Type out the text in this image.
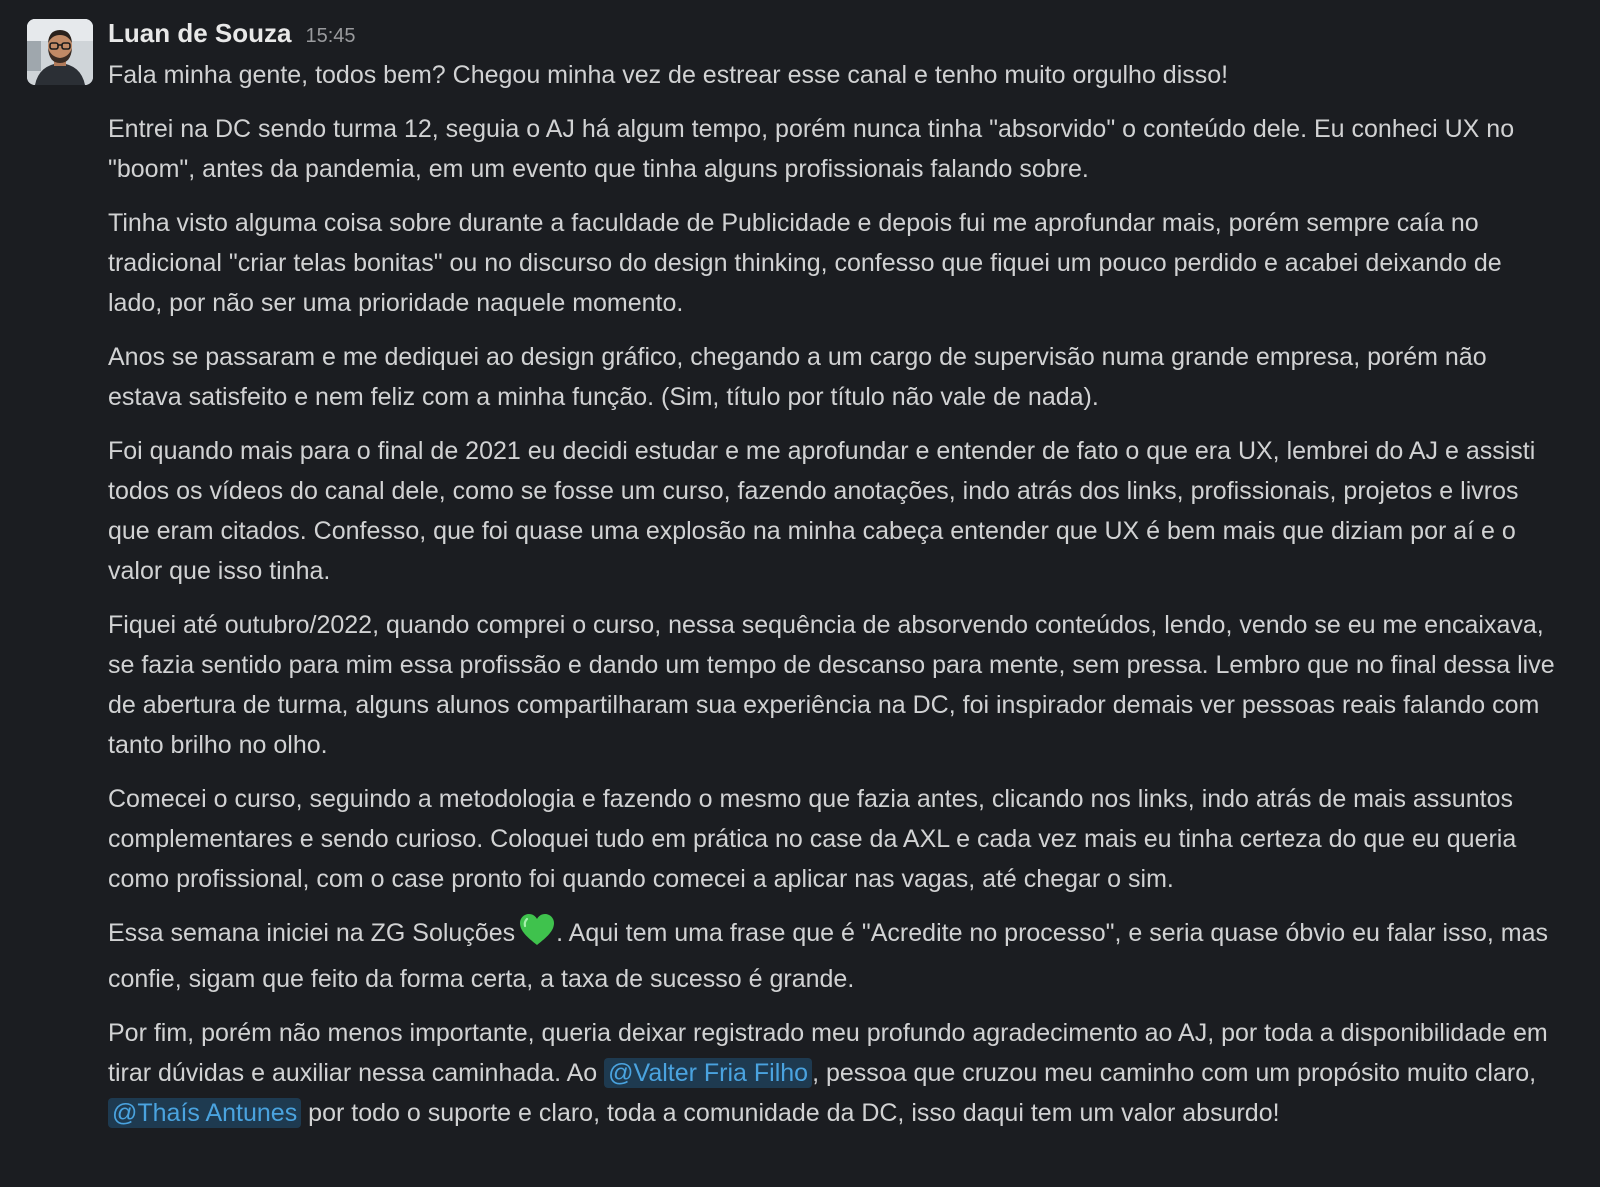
Luan de Souza 15:45

Fala minha gente, todos bem? Chegou minha vez de estrear esse canal e tenho muito orgulho disso!

Entrei na DC sendo turma 12, seguia o AJ há algum tempo, porém nunca tinha "absorvido" o conteúdo dele. Eu conheci UX no "boom", antes da pandemia, em um evento que tinha alguns profissionais falando sobre.

Tinha visto alguma coisa sobre durante a faculdade de Publicidade e depois fui me aprofundar mais, porém sempre caía no tradicional "criar telas bonitas" ou no discurso do design thinking, confesso que fiquei um pouco perdido e acabei deixando de lado, por não ser uma prioridade naquele momento.

Anos se passaram e me dediquei ao design gráfico, chegando a um cargo de supervisão numa grande empresa, porém não estava satisfeito e nem feliz com a minha função. (Sim, título por título não vale de nada).

Foi quando mais para o final de 2021 eu decidi estudar e me aprofundar e entender de fato o que era UX, lembrei do AJ e assisti todos os vídeos do canal dele, como se fosse um curso, fazendo anotações, indo atrás dos links, profissionais, projetos e livros que eram citados. Confesso, que foi quase uma explosão na minha cabeça entender que UX é bem mais que diziam por aí e o valor que isso tinha.

Fiquei até outubro/2022, quando comprei o curso, nessa sequência de absorvendo conteúdos, lendo, vendo se eu me encaixava, se fazia sentido para mim essa profissão e dando um tempo de descanso para mente, sem pressa. Lembro que no final dessa live de abertura de turma, alguns alunos compartilharam sua experiência na DC, foi inspirador demais ver pessoas reais falando com tanto brilho no olho.

Comecei o curso, seguindo a metodologia e fazendo o mesmo que fazia antes, clicando nos links, indo atrás de mais assuntos complementares e sendo curioso. Coloquei tudo em prática no case da AXL e cada vez mais eu tinha certeza do que eu queria como profissional, com o case pronto foi quando comecei a aplicar nas vagas, até chegar o sim.

Essa semana iniciei na ZG Soluções . Aqui tem uma frase que é "Acredite no processo", e seria quase óbvio eu falar isso, mas confie, sigam que feito da forma certa, a taxa de sucesso é grande.

Por fim, porém não menos importante, queria deixar registrado meu profundo agradecimento ao AJ, por toda a disponibilidade em tirar dúvidas e auxiliar nessa caminhada. Ao @Valter Fria Filho , pessoa que cruzou meu caminho com um propósito muito claro, @Thaís Antunes por todo o suporte e claro, toda a comunidade da DC, isso daqui tem um valor absurdo!
